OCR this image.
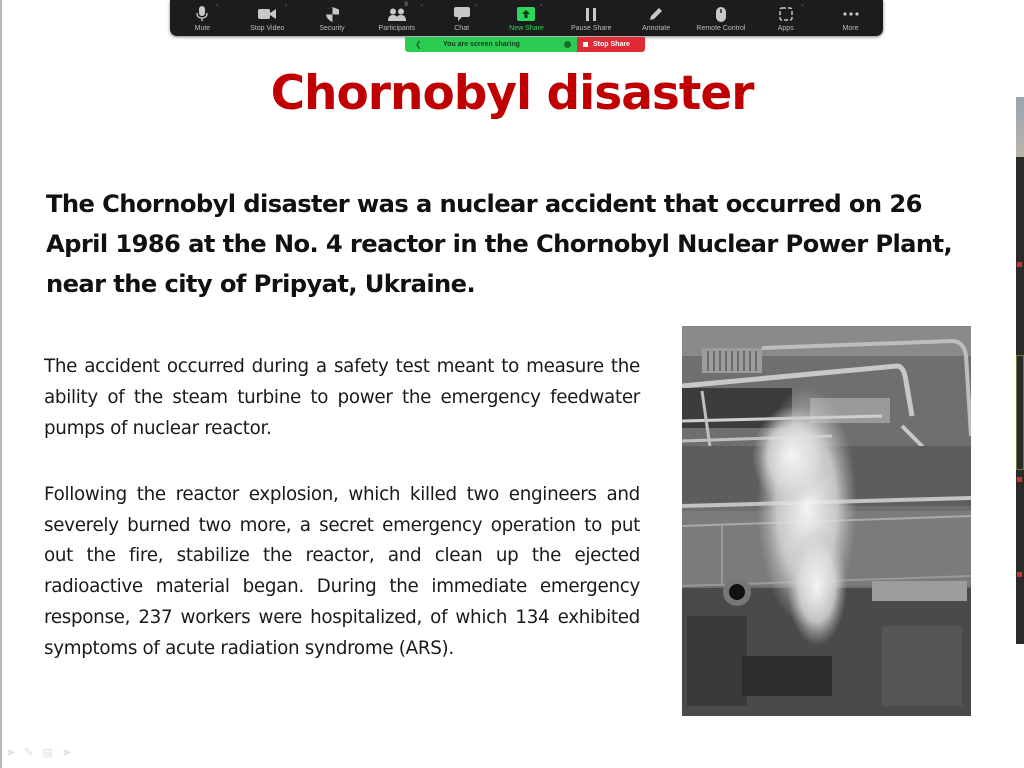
ˇ
Mute
ˇ
Stop Video	Security
8 ˇ
Participants
ˇ
Chat
ˇ
New Share	Pause Share	Annotate	Remote Control
ˇ
Apps	More
❮	You are screen sharing	Stop Share
Chornobyl disaster
The Chornobyl disaster was a nuclear accident that occurred on 26 April 1986 at the No. 4 reactor in the Chornobyl Nuclear Power Plant, near the city of Pripyat, Ukraine.
The accident occurred during a safety test meant to measure the ability of the steam turbine to power the emergency feedwater pumps of nuclear reactor.
Following the reactor explosion, which killed two engineers and severely burned two more, a secret emergency operation to put out the fire, stabilize the reactor, and clean up the ejected radioactive material began. During the immediate emergency response, 237 workers were hospitalized, of which 134 exhibited symptoms of acute radiation syndrome (ARS).
➤ ✎ ▤ ➤
